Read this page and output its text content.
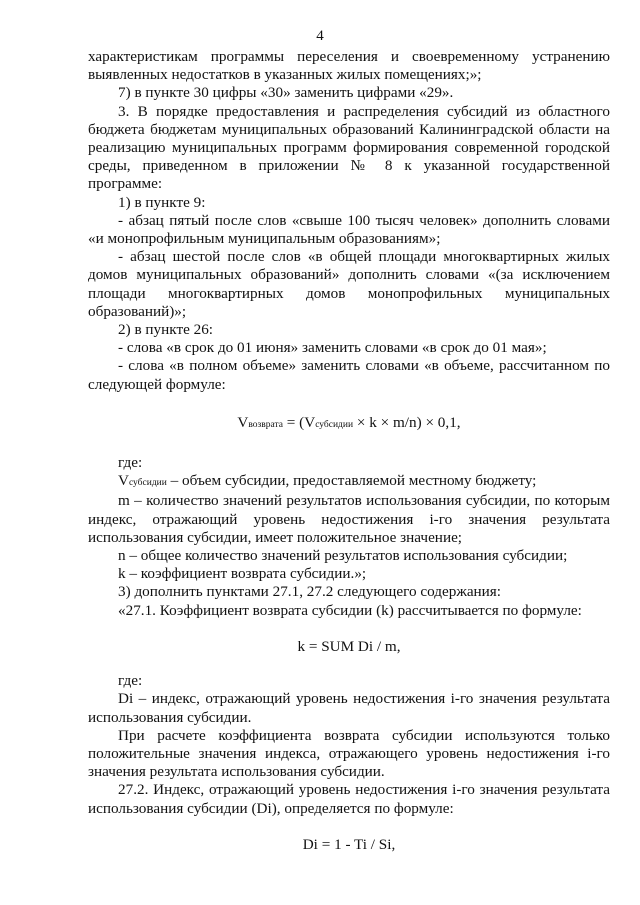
4

характеристикам программы переселения и своевременному устранению выявленных недостатков в указанных жилых помещениях;»;

7) в пункте 30 цифры «30» заменить цифрами «29».

3. В порядке предоставления и распределения субсидий из областного бюджета бюджетам муниципальных образований Калининградской области на реализацию муниципальных программ формирования современной городской среды, приведенном в приложении № 8 к указанной государственной программе:

1) в пункте 9:

- абзац пятый после слов «свыше 100 тысяч человек» дополнить словами «и монопрофильным муниципальным образованиям»;

- абзац шестой после слов «в общей площади многоквартирных жилых домов муниципальных образований» дополнить словами «(за исключением площади многоквартирных домов монопрофильных муниципальных образований)»;

2) в пункте 26:

- слова «в срок до 01 июня» заменить словами «в срок до 01 мая»;

- слова «в полном объеме» заменить словами «в объеме, рассчитанном по следующей формуле:

Vвозврата = (Vсубсидии × k × m/n) × 0,1,

где:

Vсубсидии – объем субсидии, предоставляемой местному бюджету;

m – количество значений результатов использования субсидии, по которым индекс, отражающий уровень недостижения i-го значения результата использования субсидии, имеет положительное значение;

n – общее количество значений результатов использования субсидии;

k – коэффициент возврата субсидии.»;

3) дополнить пунктами 27.1, 27.2 следующего содержания:

«27.1. Коэффициент возврата субсидии (k) рассчитывается по формуле:

k = SUM Di / m,

где:

Di – индекс, отражающий уровень недостижения i-го значения результата использования субсидии.

При расчете коэффициента возврата субсидии используются только положительные значения индекса, отражающего уровень недостижения i-го значения результата использования субсидии.

27.2. Индекс, отражающий уровень недостижения i-го значения результата использования субсидии (Di), определяется по формуле:

Di = 1 - Ti / Si,
